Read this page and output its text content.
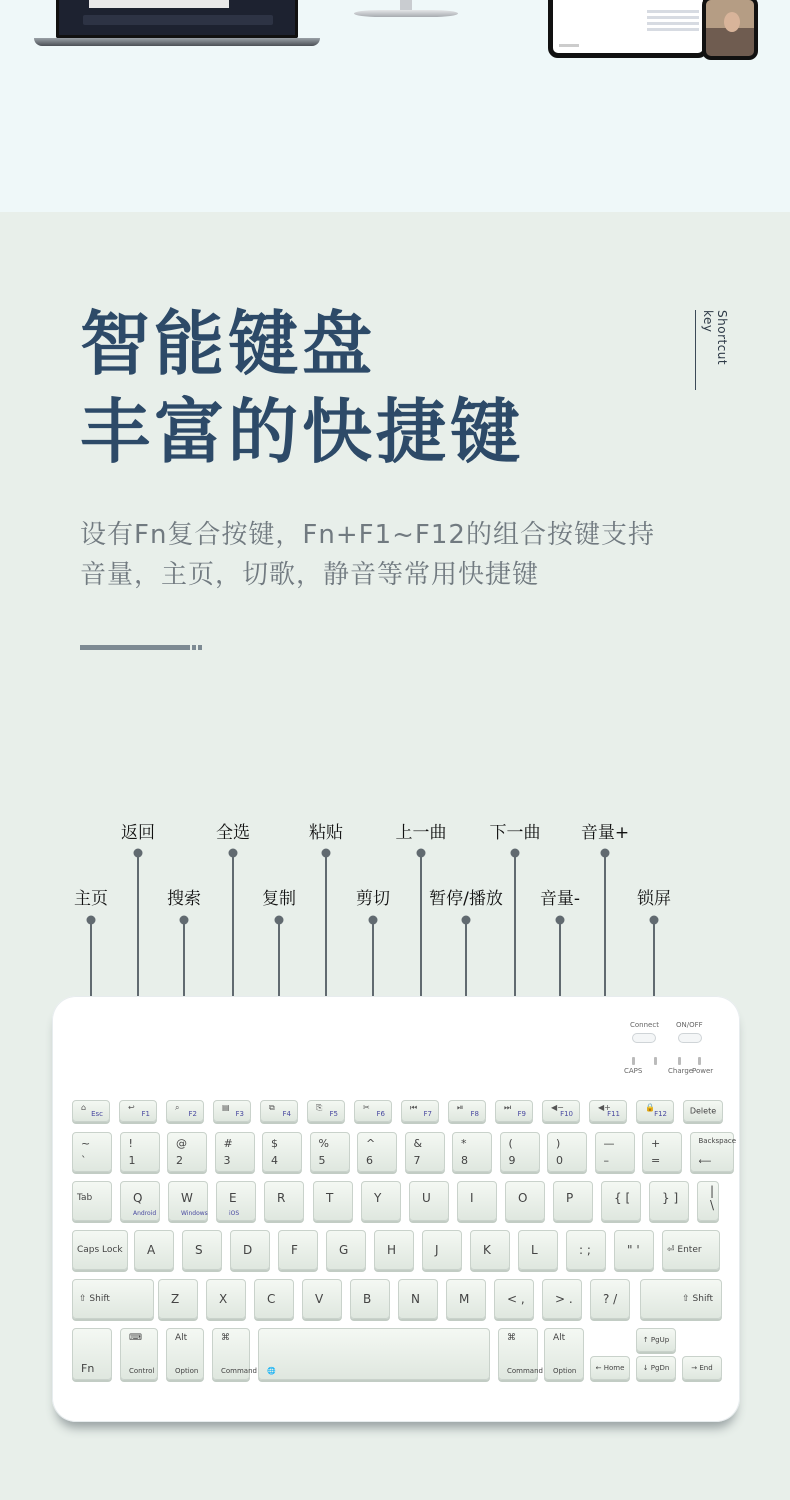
智能键盘
丰富的快捷键
Shortcut key
设有Fn复合按键，Fn+F1~F12的组合按键支持
音量，主页，切歌，静音等常用快捷键
返回	全选	粘贴	上一曲	下一曲 音量+
主页	搜索	复制	剪切 暂停/播放 音量-	锁屏
Connect ON/OFF
CAPS	Charge
Power
⌂
Esc
↩
F1
⌕
F2
▤
F3
⧉
F4
⎘
F5
✂
F6
⏮
F7
⏯
F8
⏭
F9
◀−
F10
◀+
F11
🔒
F12	Delete
~
`
!
1
@
2
#
3
$
4
%
5
^
6
&
7
*
8
(
9
)
0
—
–
+
=
Backspace
⟵
Tab	Q
Android
W
Windows
E
iOS
R	T	Y	U	I	O	P	{ [	} ]	| \
Caps Lock	A	S	D	F	G	H	J	K	L	: ;	" '	⏎ Enter
⇧ Shift	Z	X	C	V	B	N	M	< ,	> .	? /	⇧ Shift
Fn
⌨
Control
Alt
Option
⌘
Command 🌐
⌘
Command
Alt
Option
↑ PgUp
← Home	↓ PgDn	→ End
